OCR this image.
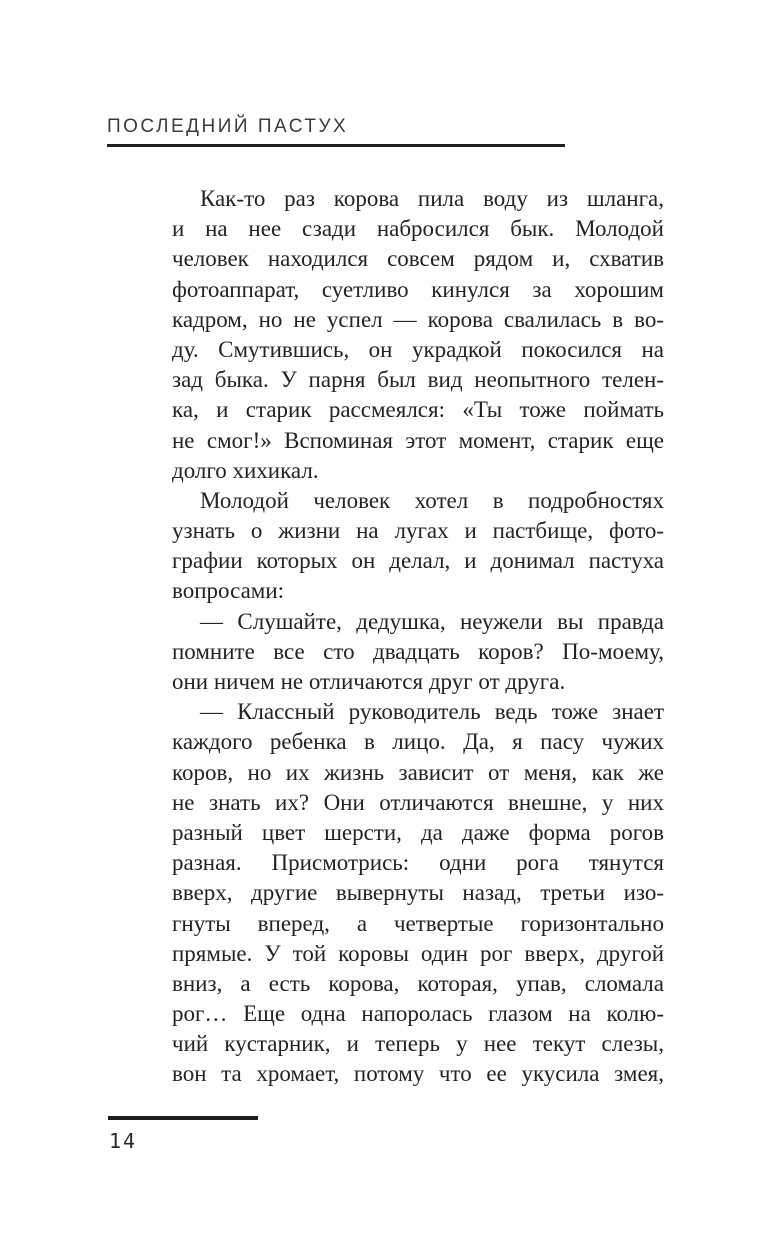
ПОСЛЕДНИЙ ПАСТУХ
Как-то раз корова пила воду из шланга,
и на нее сзади набросился бык. Молодой
человек находился совсем рядом и, схватив
фотоаппарат, суетливо кинулся за хорошим
кадром, но не успел — корова свалилась в во-
ду. Смутившись, он украдкой покосился на
зад быка. У парня был вид неопытного телен-
ка, и старик рассмеялся: «Ты тоже поймать
не смог!» Вспоминая этот момент, старик еще
долго хихикал.
Молодой человек хотел в подробностях
узнать о жизни на лугах и пастбище, фото-
графии которых он делал, и донимал пастуха
вопросами:
— Слушайте, дедушка, неужели вы правда
помните все сто двадцать коров? По-моему,
они ничем не отличаются друг от друга.
— Классный руководитель ведь тоже знает
каждого ребенка в лицо. Да, я пасу чужих
коров, но их жизнь зависит от меня, как же
не знать их? Они отличаются внешне, у них
разный цвет шерсти, да даже форма рогов
разная. Присмотрись: одни рога тянутся
вверх, другие вывернуты назад, третьи изо-
гнуты вперед, а четвертые горизонтально
прямые. У той коровы один рог вверх, другой
вниз, а есть корова, которая, упав, сломала
рог… Еще одна напоролась глазом на колю-
чий кустарник, и теперь у нее текут слезы,
вон та хромает, потому что ее укусила змея,
14
